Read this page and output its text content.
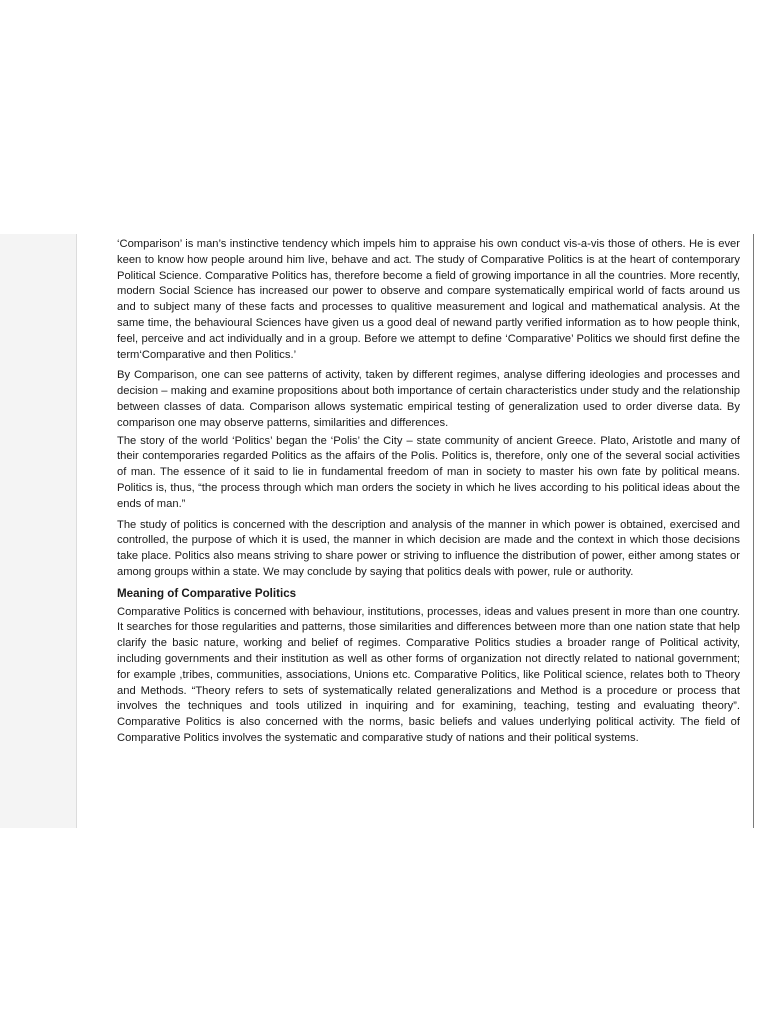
‘Comparison’ is man’s instinctive tendency which impels him to appraise his own conduct vis-a-vis those of others. He is ever keen to know how people around him live, behave and act. The study of Comparative Politics is at the heart of contemporary Political Science. Comparative Politics has, therefore become a field of growing importance in all the countries. More recently, modern Social Science has increased our power to observe and compare systematically empirical world of facts around us and to subject many of these facts and processes to qualitive measurement and logical and mathematical analysis. At the same time, the behavioural Sciences have given us a good deal of newand partly verified information as to how people think, feel, perceive and act individually and in a group. Before we attempt to define ‘Comparative’ Politics we should first define the term‘Comparative and then Politics.’

By Comparison, one can see patterns of activity, taken by different regimes, analyse differing ideologies and processes and decision – making and examine propositions about both importance of certain characteristics under study and the relationship between classes of data. Comparison allows systematic empirical testing of generalization used to order diverse data. By comparison one may observe patterns, similarities and differences.

The story of the world ‘Politics’ began the ‘Polis’ the City – state community of ancient Greece. Plato, Aristotle and many of their contemporaries regarded Politics as the affairs of the Polis. Politics is, therefore, only one of the several social activities of man. The essence of it said to lie in fundamental freedom of man in society to master his own fate by political means. Politics is, thus, “the process through which man orders the society in which he lives according to his political ideas about the ends of man.”

The study of politics is concerned with the description and analysis of the manner in which power is obtained, exercised and controlled, the purpose of which it is used, the manner in which decision are made and the context in which those decisions take place. Politics also means striving to share power or striving to influence the distribution of power, either among states or among groups within a state. We may conclude by saying that politics deals with power, rule or authority.

Meaning of Comparative Politics

Comparative Politics is concerned with behaviour, institutions, processes, ideas and values present in more than one country. It searches for those regularities and patterns, those similarities and differences between more than one nation state that help clarify the basic nature, working and belief of regimes. Comparative Politics studies a broader range of Political activity, including governments and their institution as well as other forms of organization not directly related to national government; for example ,tribes, communities, associations, Unions etc. Comparative Politics, like Political science, relates both to Theory and Methods. “Theory refers to sets of systematically related generalizations and Method is a procedure or process that involves the techniques and tools utilized in inquiring and for examining, teaching, testing and evaluating theory”. Comparative Politics is also concerned with the norms, basic beliefs and values underlying political activity. The field of Comparative Politics involves the systematic and comparative study of nations and their political systems.
